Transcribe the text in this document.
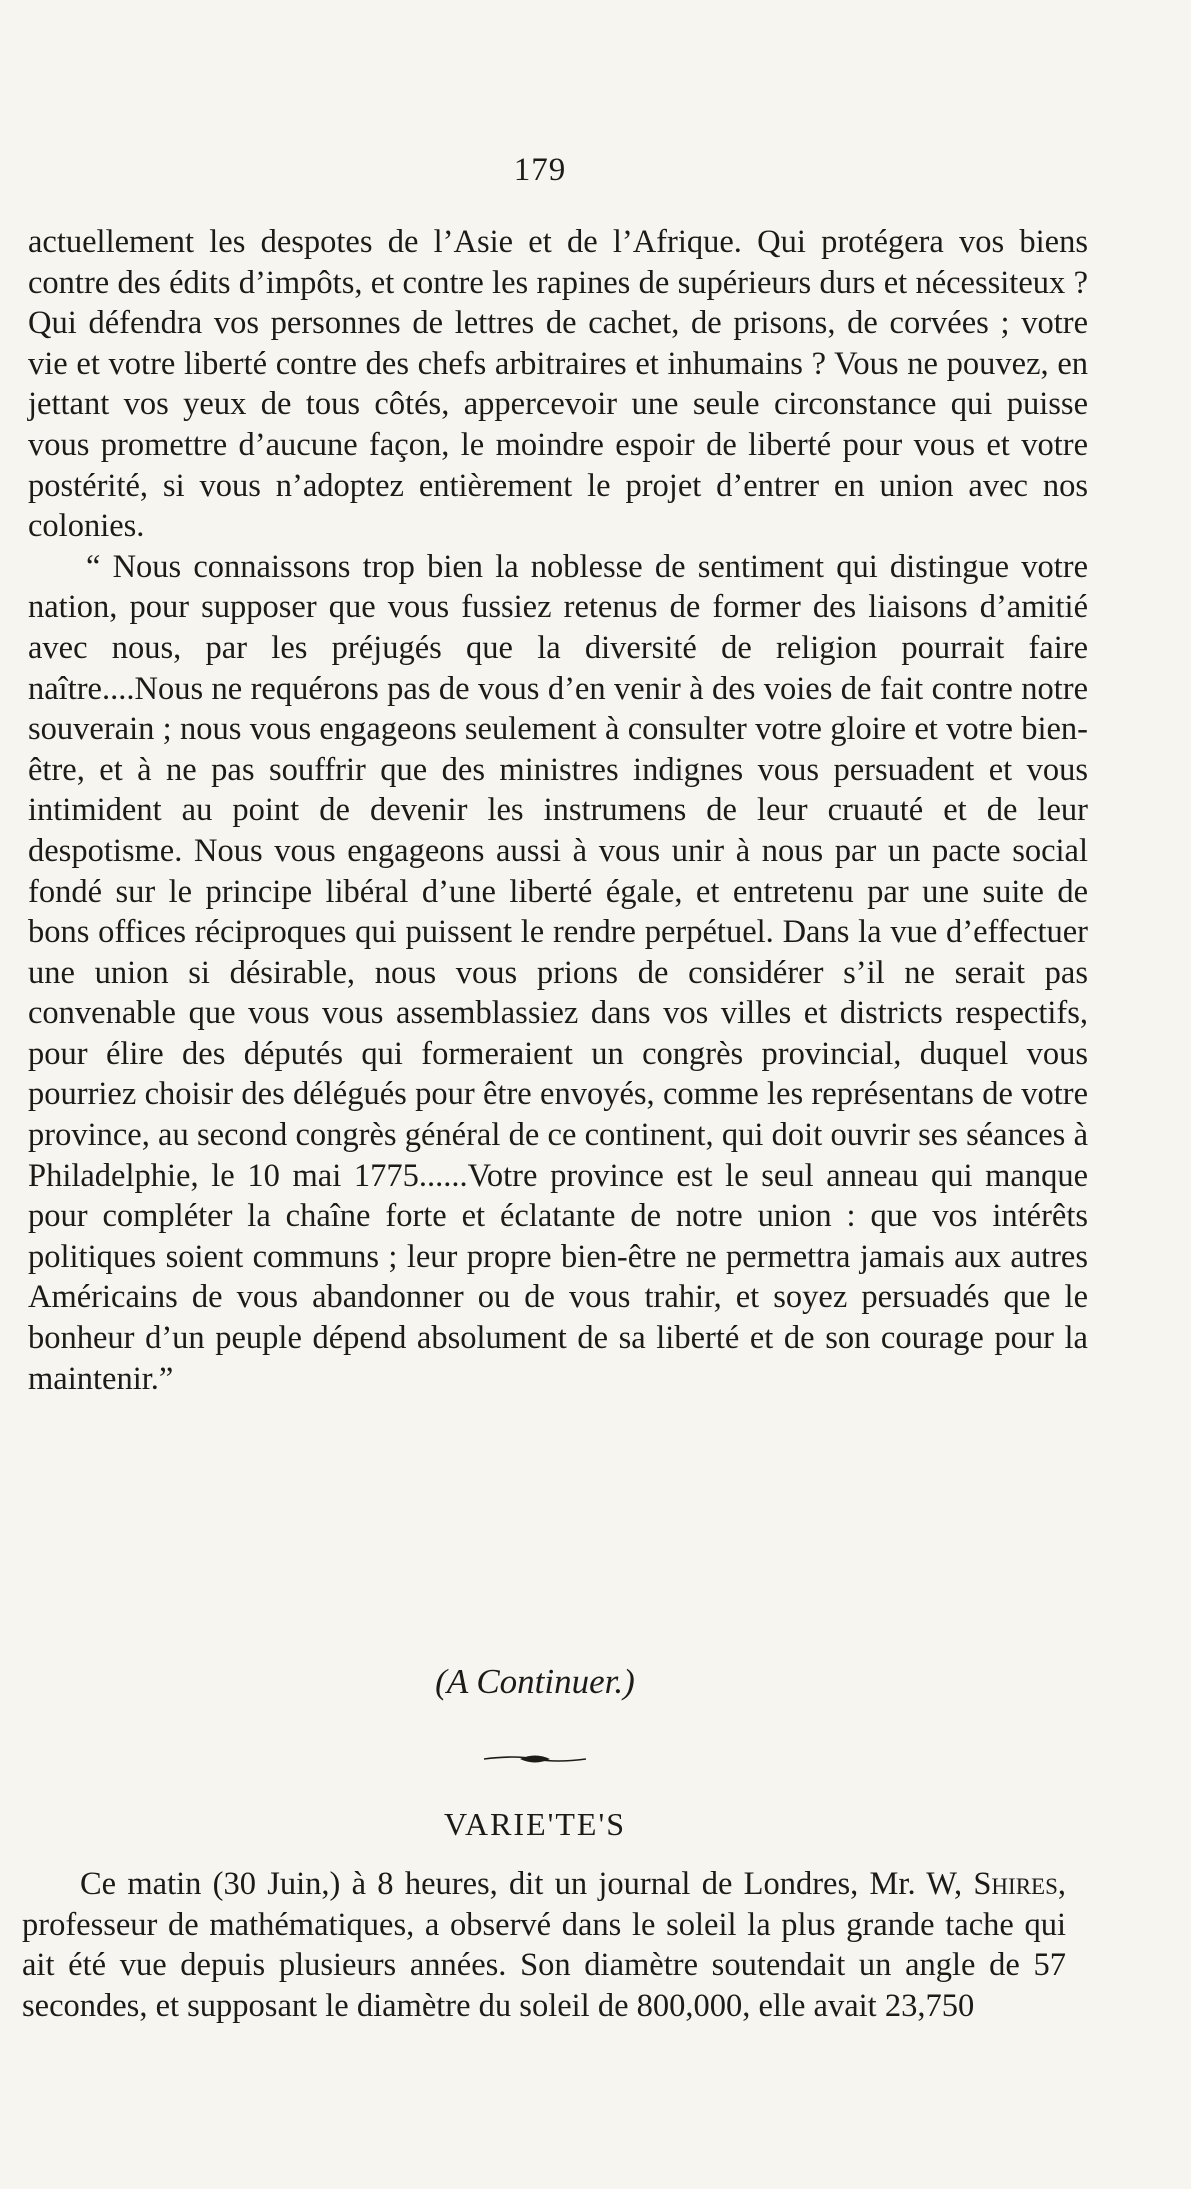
179

actuellement les despotes de l’Asie et de l’Afrique. Qui protégera vos biens contre des édits d’impôts, et contre les rapines de supérieurs durs et nécessiteux ? Qui défendra vos personnes de lettres de cachet, de prisons, de corvées ; votre vie et votre liberté contre des chefs arbitraires et inhumains ? Vous ne pouvez, en jettant vos yeux de tous côtés, appercevoir une seule circonstance qui puisse vous promettre d’aucune façon, le moindre espoir de liberté pour vous et votre postérité, si vous n’adoptez entièrement le projet d’entrer en union avec nos colonies.

“ Nous connaissons trop bien la noblesse de sentiment qui distingue votre nation, pour supposer que vous fussiez retenus de former des liaisons d’amitié avec nous, par les préjugés que la diversité de religion pourrait faire naître....Nous ne requérons pas de vous d’en venir à des voies de fait contre notre souverain ; nous vous engageons seulement à consulter votre gloire et votre bien-être, et à ne pas souffrir que des ministres indignes vous persuadent et vous intimident au point de devenir les instrumens de leur cruauté et de leur despotisme. Nous vous engageons aussi à vous unir à nous par un pacte social fondé sur le principe libéral d’une liberté égale, et entretenu par une suite de bons offices réciproques qui puissent le rendre perpétuel. Dans la vue d’effectuer une union si désirable, nous vous prions de considérer s’il ne serait pas convenable que vous vous assemblassiez dans vos villes et districts respectifs, pour élire des députés qui formeraient un congrès provincial, duquel vous pourriez choisir des délégués pour être envoyés, comme les représentans de votre province, au second congrès général de ce continent, qui doit ouvrir ses séances à Philadelphie, le 10 mai 1775......Votre province est le seul anneau qui manque pour compléter la chaîne forte et éclatante de notre union : que vos intérêts politiques soient communs ; leur propre bien-être ne permettra jamais aux autres Américains de vous abandonner ou de vous trahir, et soyez persuadés que le bonheur d’un peuple dépend absolument de sa liberté et de son courage pour la maintenir.”

(A Continuer.)
VARIE'TE'S

Ce matin (30 Juin,) à 8 heures, dit un journal de Londres, Mr. W, Shires, professeur de mathématiques, a observé dans le soleil la plus grande tache qui ait été vue depuis plusieurs années. Son diamètre soutendait un angle de 57 secondes, et supposant le diamètre du soleil de 800,000, elle avait 23,750
